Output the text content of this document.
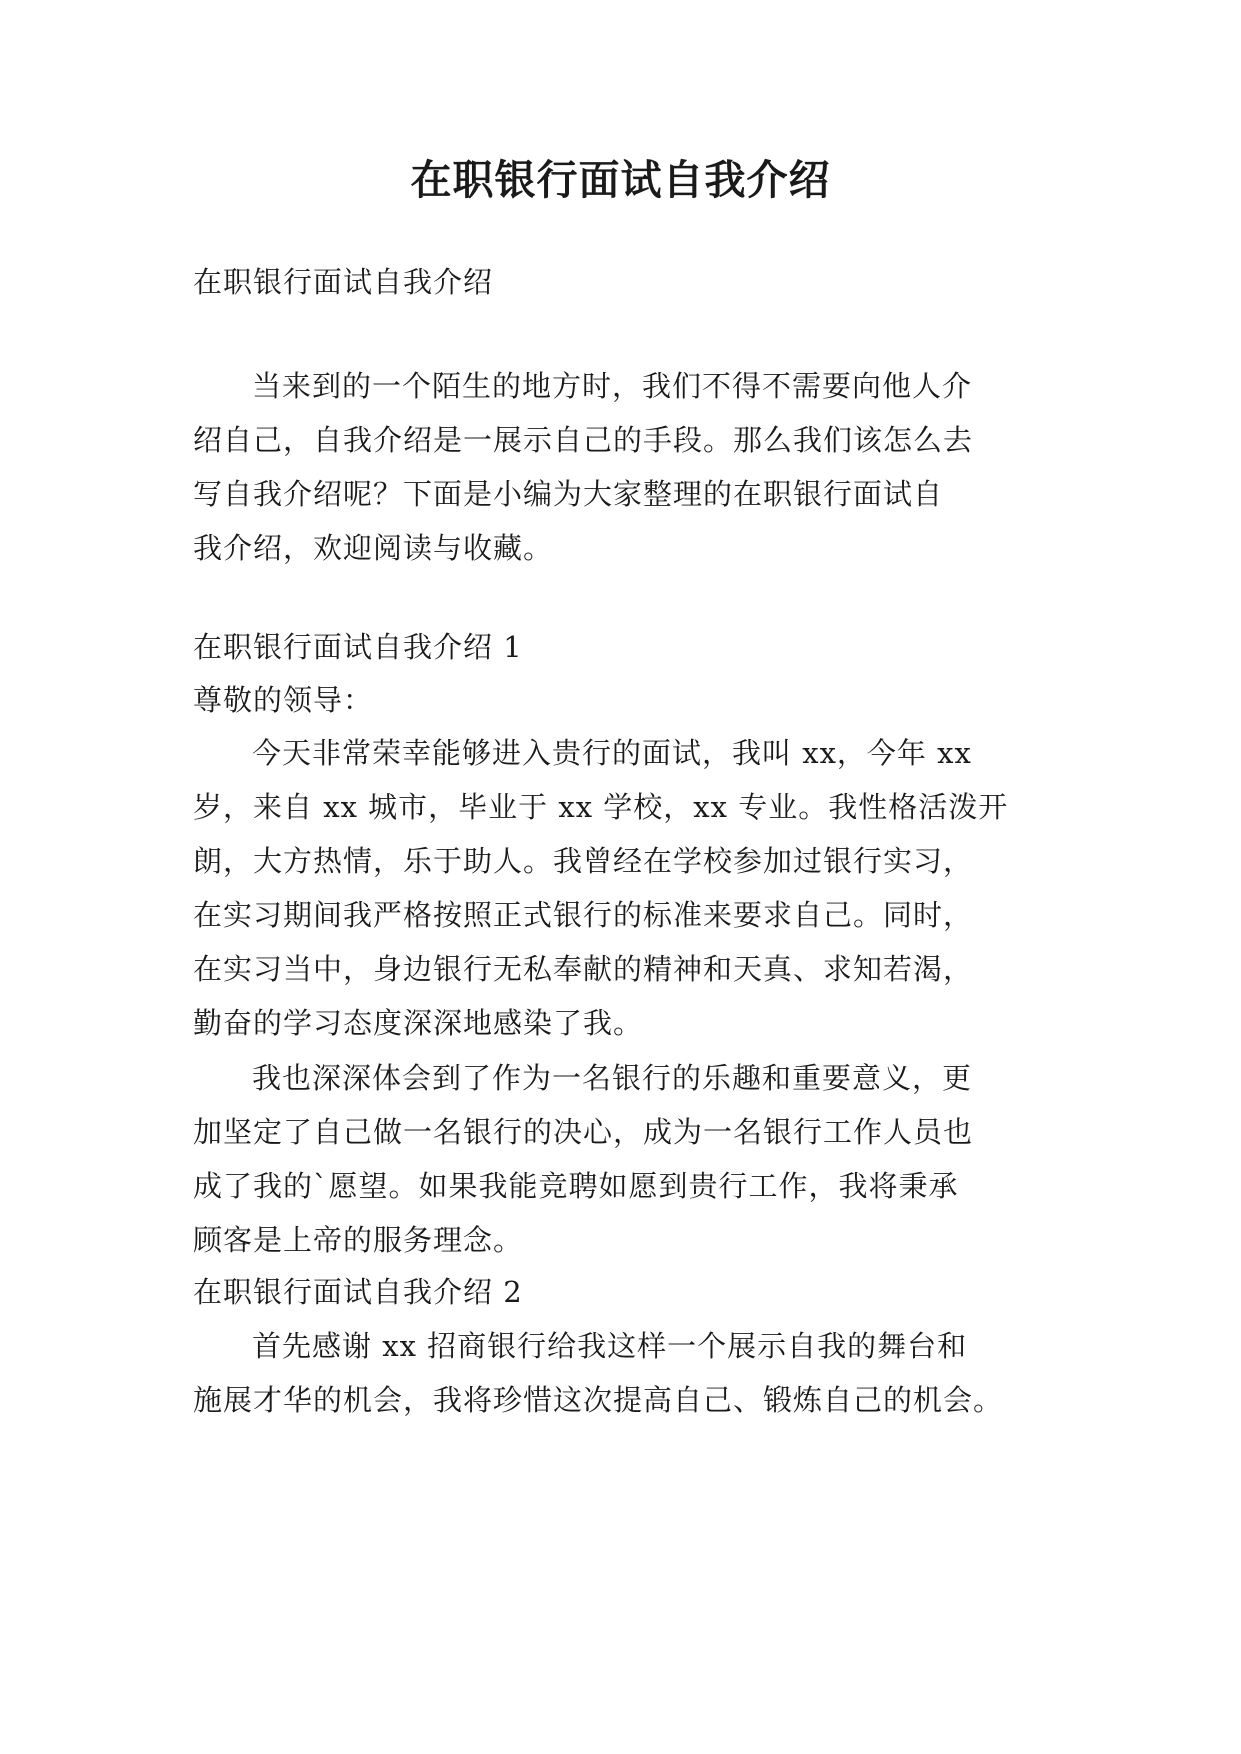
在职银行面试自我介绍
在职银行面试自我介绍
当来到的一个陌生的地方时，我们不得不需要向他人介
绍自己，自我介绍是一展示自己的手段。那么我们该怎么去
写自我介绍呢？下面是小编为大家整理的在职银行面试自
我介绍，欢迎阅读与收藏。
在职银行面试自我介绍 1
尊敬的领导：
今天非常荣幸能够进入贵行的面试，我叫 xx，今年 xx
岁，来自 xx 城市，毕业于 xx 学校，xx 专业。我性格活泼开
朗，大方热情，乐于助人。我曾经在学校参加过银行实习，
在实习期间我严格按照正式银行的标准来要求自己。同时，
在实习当中，身边银行无私奉献的精神和天真、求知若渴，
勤奋的学习态度深深地感染了我。
我也深深体会到了作为一名银行的乐趣和重要意义，更
加坚定了自己做一名银行的决心，成为一名银行工作人员也
成了我的`愿望。如果我能竞聘如愿到贵行工作，我将秉承
顾客是上帝的服务理念。
在职银行面试自我介绍 2
首先感谢 xx 招商银行给我这样一个展示自我的舞台和
施展才华的机会，我将珍惜这次提高自己、锻炼自己的机会。
